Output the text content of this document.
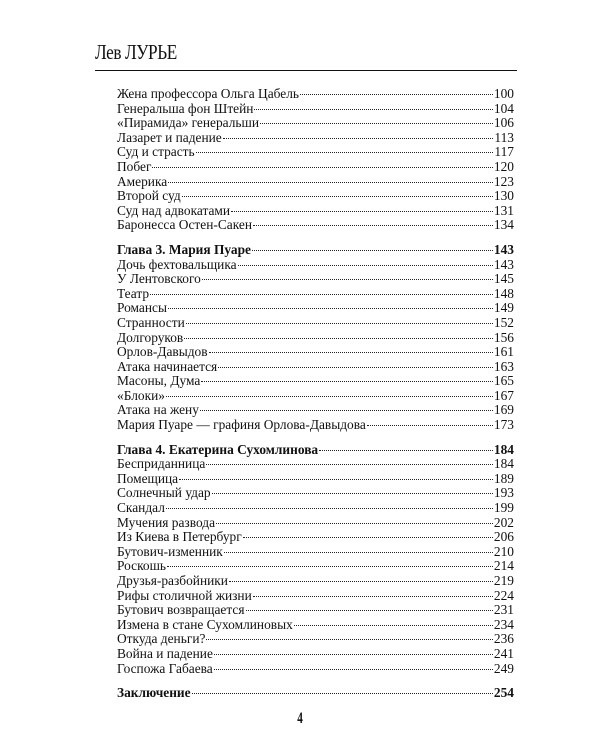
Лев ЛУРЬЕ
Жена профессора Ольга Цабель	100
Генеральша фон Штейн	104
«Пирамида» генеральши	106
Лазарет и падение	113
Суд и страсть	117
Побег	120
Америка	123
Второй суд	130
Суд над адвокатами	131
Баронесса Остен-Сакен	134
Глава 3. Мария Пуаре	143
Дочь фехтовальщика	143
У Лентовского	145
Театр	148
Романсы	149
Странности	152
Долгоруков	156
Орлов-Давыдов	161
Атака начинается	163
Масоны, Дума	165
«Блоки»	167
Атака на жену	169
Мария Пуаре — графиня Орлова-Давыдова	173
Глава 4. Екатерина Сухомлинова	184
Бесприданница	184
Помещица	189
Солнечный удар	193
Скандал	199
Мучения развода	202
Из Киева в Петербург	206
Бутович-изменник	210
Роскошь	214
Друзья-разбойники	219
Рифы столичной жизни	224
Бутович возвращается	231
Измена в стане Сухомлиновых	234
Откуда деньги?	236
Война и падение	241
Госпожа Габаева	249
Заключение	254
4
